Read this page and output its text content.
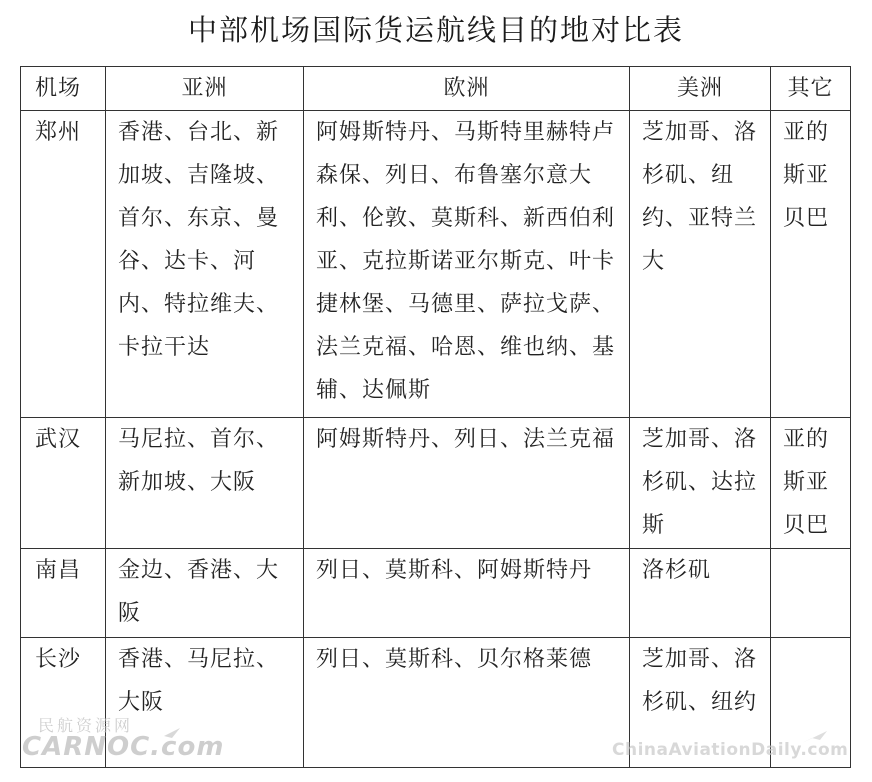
中部机场国际货运航线目的地对比表
机场	亚洲	欧洲	美洲	其它
郑州	香港、台北、新加坡、吉隆坡、首尔、东京、曼谷、达卡、河内、特拉维夫、卡拉干达	阿姆斯特丹、马斯特里赫特卢森保、列日、布鲁塞尔意大利、伦敦、莫斯科、新西伯利亚、克拉斯诺亚尔斯克、叶卡捷林堡、马德里、萨拉戈萨、法兰克福、哈恩、维也纳、基辅、达佩斯	芝加哥、洛杉矶、纽约、亚特兰大	亚的斯亚贝巴
武汉	马尼拉、首尔、新加坡、大阪	阿姆斯特丹、列日、法兰克福	芝加哥、洛杉矶、达拉斯	亚的斯亚贝巴
南昌	金边、香港、大阪	列日、莫斯科、阿姆斯特丹	洛杉矶	
长沙	香港、马尼拉、大阪	列日、莫斯科、贝尔格莱德	芝加哥、洛杉矶、纽约	
民航资源网
CARNOC.com	ChinaAviationDaily.com
